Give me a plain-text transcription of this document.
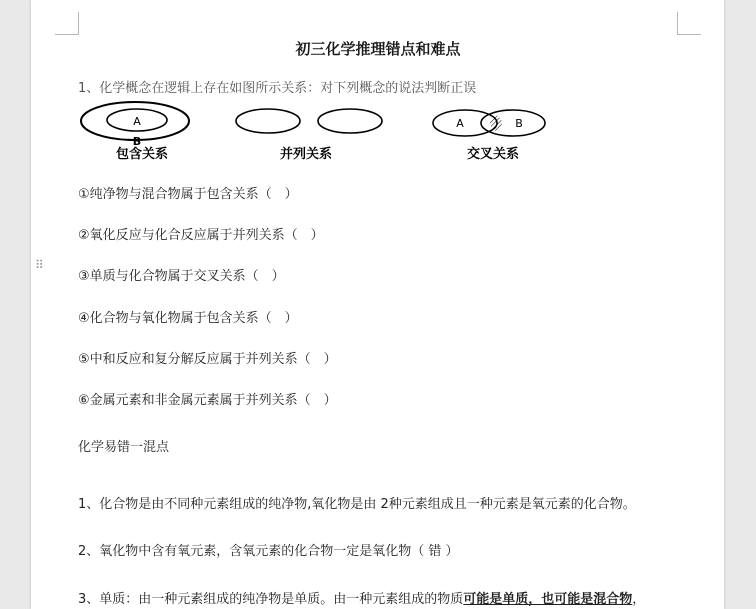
⠿
初三化学推理错点和难点
1、化学概念在逻辑上存在如图所示关系：对下列概念的说法判断正误
A
B
包含关系	并列关系
A	B
交叉关系
①纯净物与混合物属于包含关系（　）
②氧化反应与化合反应属于并列关系（　）
③单质与化合物属于交叉关系（　）
④化合物与氧化物属于包含关系（　）
⑤中和反应和复分解反应属于并列关系（　）
⑥金属元素和非金属元素属于并列关系（　）
化学易错一混点
1、化合物是由不同种元素组成的纯净物,氧化物是由 2种元素组成且一种元素是氧元素的化合物。
2、氧化物中含有氧元素，含氧元素的化合物一定是氧化物（ 错 ）
3、单质：由一种元素组成的纯净物是单质。由一种元素组成的物质可能是单质，也可能是混合物，
